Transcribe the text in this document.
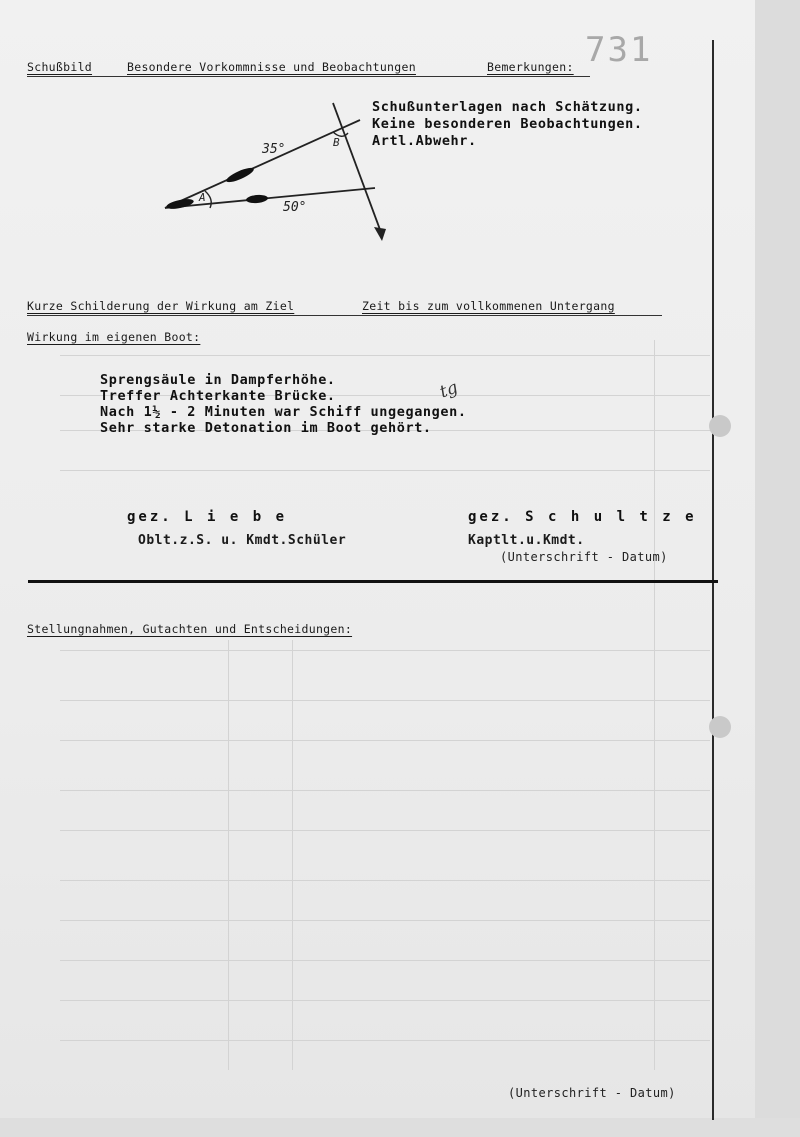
731
Schußbild	Besondere Vorkommnisse und Beobachtungen	Bemerkungen:
35°
50°
A
B
Schußunterlagen nach Schätzung.
Keine besonderen Beobachtungen.
Artl.Abwehr.
Kurze Schilderung der Wirkung am Ziel	Zeit bis zum vollkommenen Untergang
Wirkung im eigenen Boot:
Sprengsäule in Dampferhöhe.
Treffer Achterkante Brücke.
Nach 1½ - 2 Minuten war Schiff ungegangen.
Sehr starke Detonation im Boot gehört.
tg
gez. L i e b e
Oblt.z.S. u. Kmdt.Schüler
gez. S c h u l t z e
Kaptlt.u.Kmdt.
(Unterschrift - Datum)
Stellungnahmen, Gutachten und Entscheidungen:
(Unterschrift - Datum)
